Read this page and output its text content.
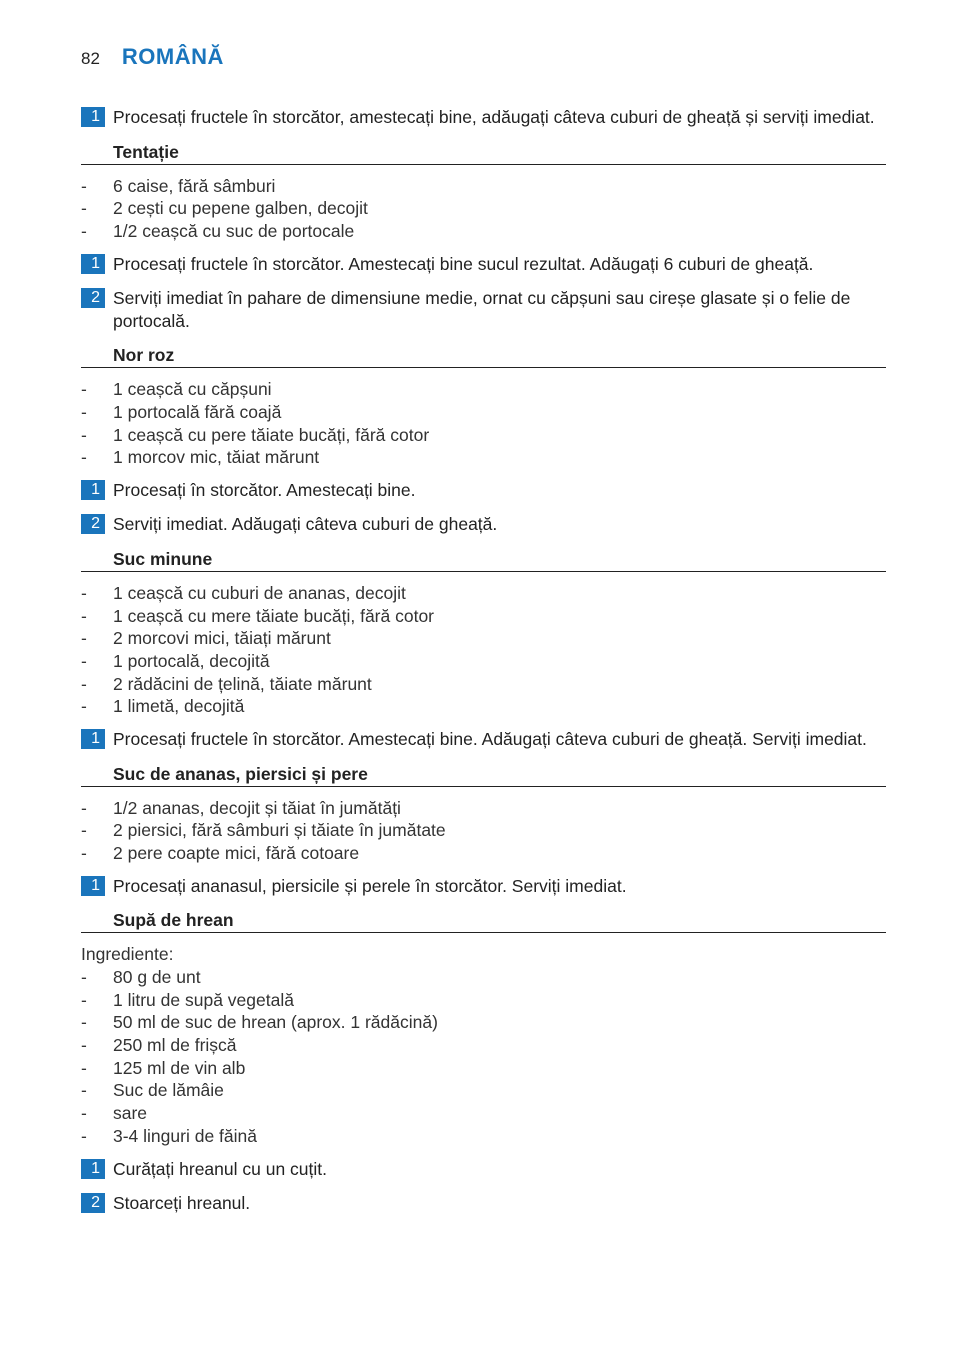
82 ROMÂNĂ
1 Procesați fructele în storcător, amestecați bine, adăugați câteva cuburi de gheață și serviți imediat.
Tentație
-	6 caise, fără sâmburi
-	2 cești cu pepene galben, decojit
-	1/2 ceașcă cu suc de portocale
1 Procesați fructele în storcător. Amestecați bine sucul rezultat. Adăugați 6 cuburi de gheață.
2 Serviți imediat în pahare de dimensiune medie, ornat cu căpșuni sau cireșe glasate și o felie de portocală.
Nor roz
-	1 ceașcă cu căpșuni
-	1 portocală fără coajă
-	1 ceașcă cu pere tăiate bucăți, fără cotor
-	1 morcov mic, tăiat mărunt
1 Procesați în storcător. Amestecați bine.
2 Serviți imediat. Adăugați câteva cuburi de gheață.
Suc minune
-	1 ceașcă cu cuburi de ananas, decojit
-	1 ceașcă cu mere tăiate bucăți, fără cotor
-	2 morcovi mici, tăiați mărunt
-	1 portocală, decojită
-	2 rădăcini de țelină, tăiate mărunt
-	1 limetă, decojită
1 Procesați fructele în storcător. Amestecați bine. Adăugați câteva cuburi de gheață. Serviți imediat.
Suc de ananas, piersici și pere
-	1/2 ananas, decojit și tăiat în jumătăți
-	2 piersici, fără sâmburi și tăiate în jumătate
-	2 pere coapte mici, fără cotoare
1 Procesați ananasul, piersicile și perele în storcător. Serviți imediat.
Supă de hrean
Ingrediente:
-	80 g de unt
-	1 litru de supă vegetală
-	50 ml de suc de hrean (aprox. 1 rădăcină)
-	250 ml de frișcă
-	125 ml de vin alb
-	Suc de lămâie
-	sare
-	3-4 linguri de făină
1 Curățați hreanul cu un cuțit.
2 Stoarceți hreanul.
